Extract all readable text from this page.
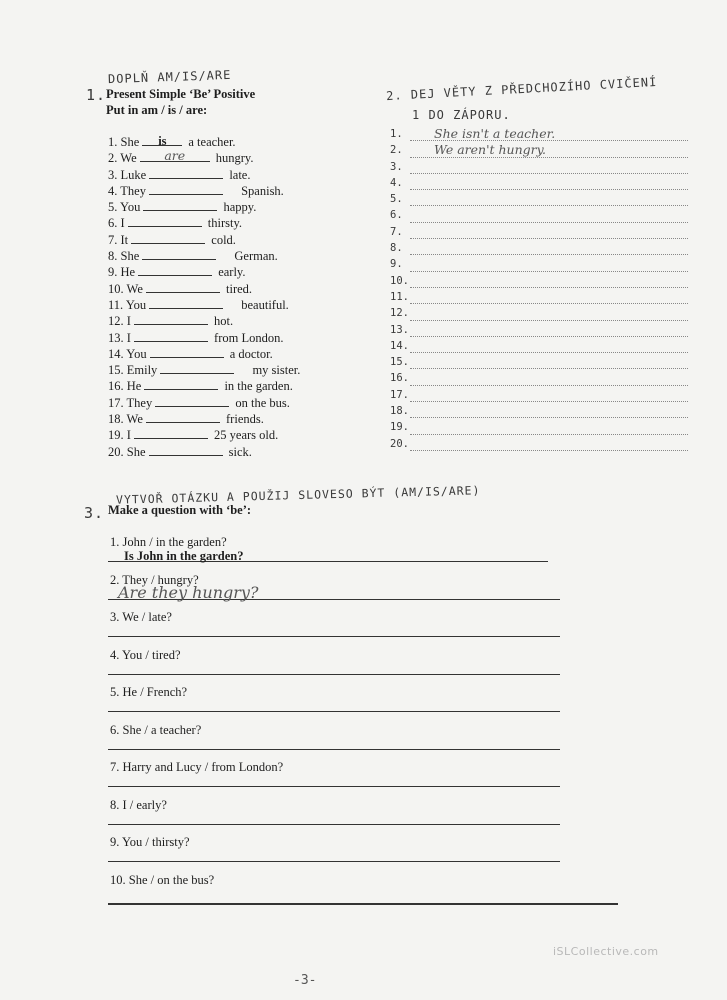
DOPLŇ AM/IS/ARE
1. Present Simple ‘Be’ Positive
Put in am / is / are:
1. She is a teacher.
2. We are hungry.
3. Luke	late.
4. They	Spanish.
5. You	happy.
6. I	thirsty.
7. It	cold.
8. She	German.
9. He	early.
10. We	tired.
11. You	beautiful.
12. I	hot.
13. I	from London.
14. You	a doctor.
15. Emily	my sister.
16. He	in the garden.
17. They	on the bus.
18. We	friends.
19. I	25 years old.
20. She	sick.
2. DEJ VĚTY Z PŘEDCHOZÍHO CVIČENÍ
1 DO ZÁPORU.
1.	She isn't a teacher.
2.	We aren't hungry.
3.
4.
5.
6.
7.
8.
9.
10.
11.
12.
13.
14.
15.
16.
17.
18.
19.
20.
VYTVOŘ OTÁZKU A POUŽIJ SLOVESO BÝT (AM/IS/ARE)
3. Make a question with ‘be’:
1. John / in the garden?
Is John in the garden?
2. They / hungry?
Are they hungry?
3. We / late?
4. You / tired?
5. He / French?
6. She / a teacher?
7. Harry and Lucy / from London?
8. I / early?
9. You / thirsty?
10. She / on the bus?
iSLCollective.com
-3-
